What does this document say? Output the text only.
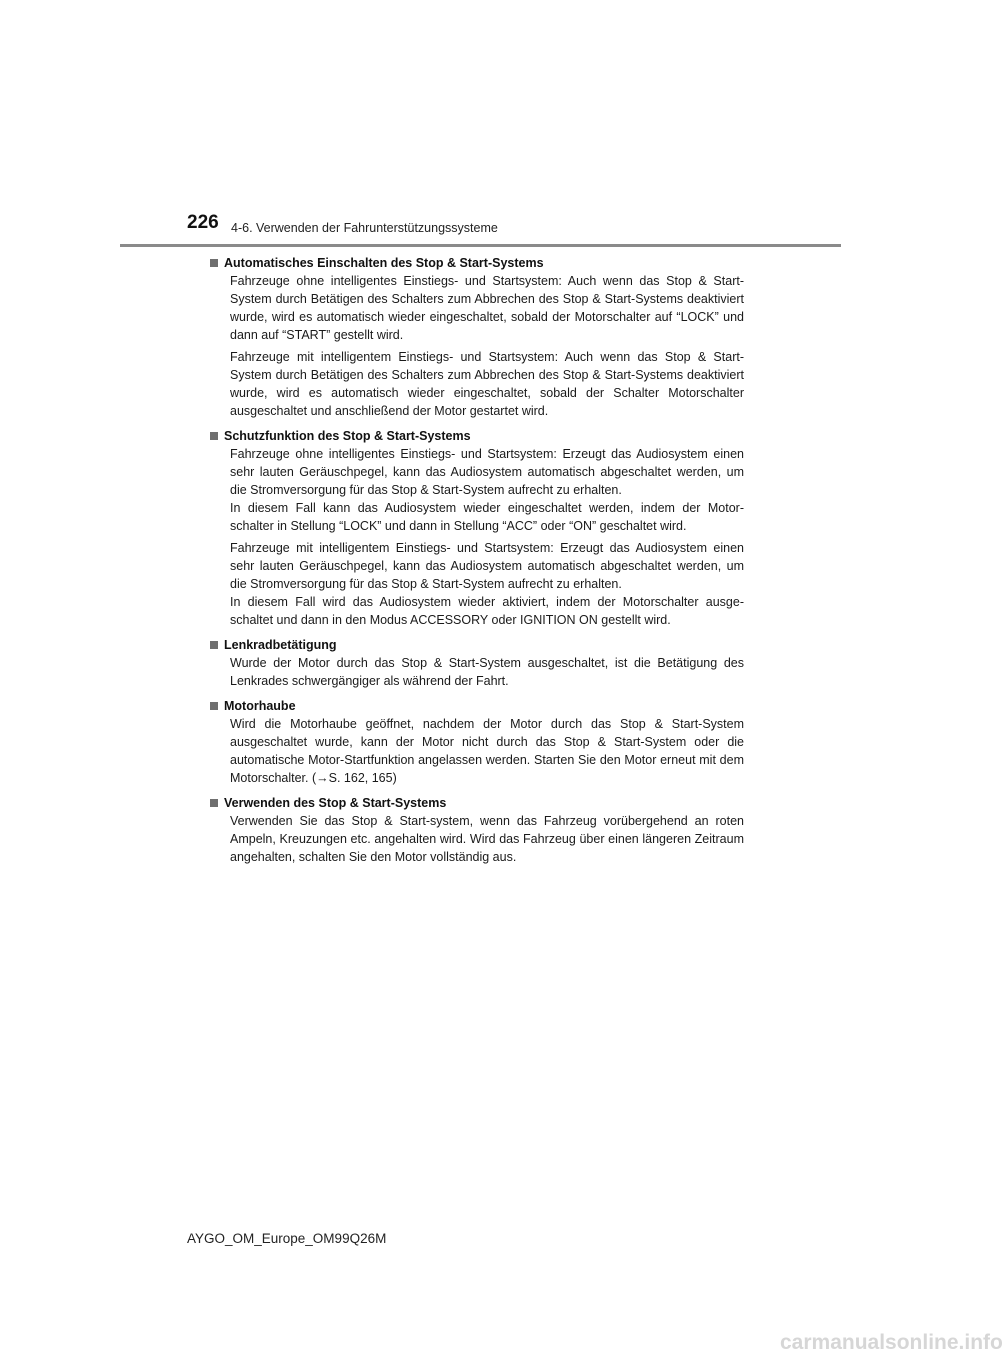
226 4-6. Verwenden der Fahrunterstützungssysteme
Automatisches Einschalten des Stop & Start-Systems

Fahrzeuge ohne intelligentes Einstiegs- und Startsystem: Auch wenn das Stop & Start-System durch Betätigen des Schalters zum Abbrechen des Stop & Start-Systems deaktiviert wurde, wird es automatisch wieder eingeschaltet, sobald der Motorschalter auf “LOCK” und dann auf “START” gestellt wird.

Fahrzeuge mit intelligentem Einstiegs- und Startsystem: Auch wenn das Stop & Start-System durch Betätigen des Schalters zum Abbrechen des Stop & Start-Systems deaktiviert wurde, wird es automatisch wieder eingeschaltet, sobald der Schalter Motorschalter ausgeschaltet und anschließend der Motor gestartet wird.

Schutzfunktion des Stop & Start-Systems

Fahrzeuge ohne intelligentes Einstiegs- und Startsystem: Erzeugt das Audiosystem einen sehr lauten Geräuschpegel, kann das Audiosystem automatisch abgeschaltet werden, um die Stromversorgung für das Stop & Start-System aufrecht zu erhalten.

In diesem Fall kann das Audiosystem wieder eingeschaltet werden, indem der Motor-schalter in Stellung “LOCK” und dann in Stellung “ACC” oder “ON” geschaltet wird.

Fahrzeuge mit intelligentem Einstiegs- und Startsystem: Erzeugt das Audiosystem einen sehr lauten Geräuschpegel, kann das Audiosystem automatisch abgeschaltet werden, um die Stromversorgung für das Stop & Start-System aufrecht zu erhalten.

In diesem Fall wird das Audiosystem wieder aktiviert, indem der Motorschalter ausge-schaltet und dann in den Modus ACCESSORY oder IGNITION ON gestellt wird.

Lenkradbetätigung

Wurde der Motor durch das Stop & Start-System ausgeschaltet, ist die Betätigung des Lenkrades schwergängiger als während der Fahrt.

Motorhaube

Wird die Motorhaube geöffnet, nachdem der Motor durch das Stop & Start-System ausgeschaltet wurde, kann der Motor nicht durch das Stop & Start-System oder die automatische Motor-Startfunktion angelassen werden. Starten Sie den Motor erneut mit dem Motorschalter. (→S. 162, 165)

Verwenden des Stop & Start-Systems

Verwenden Sie das Stop & Start-system, wenn das Fahrzeug vorübergehend an roten Ampeln, Kreuzungen etc. angehalten wird. Wird das Fahrzeug über einen längeren Zeitraum angehalten, schalten Sie den Motor vollständig aus.

AYGO_OM_Europe_OM99Q26M
carmanualsonline.info
